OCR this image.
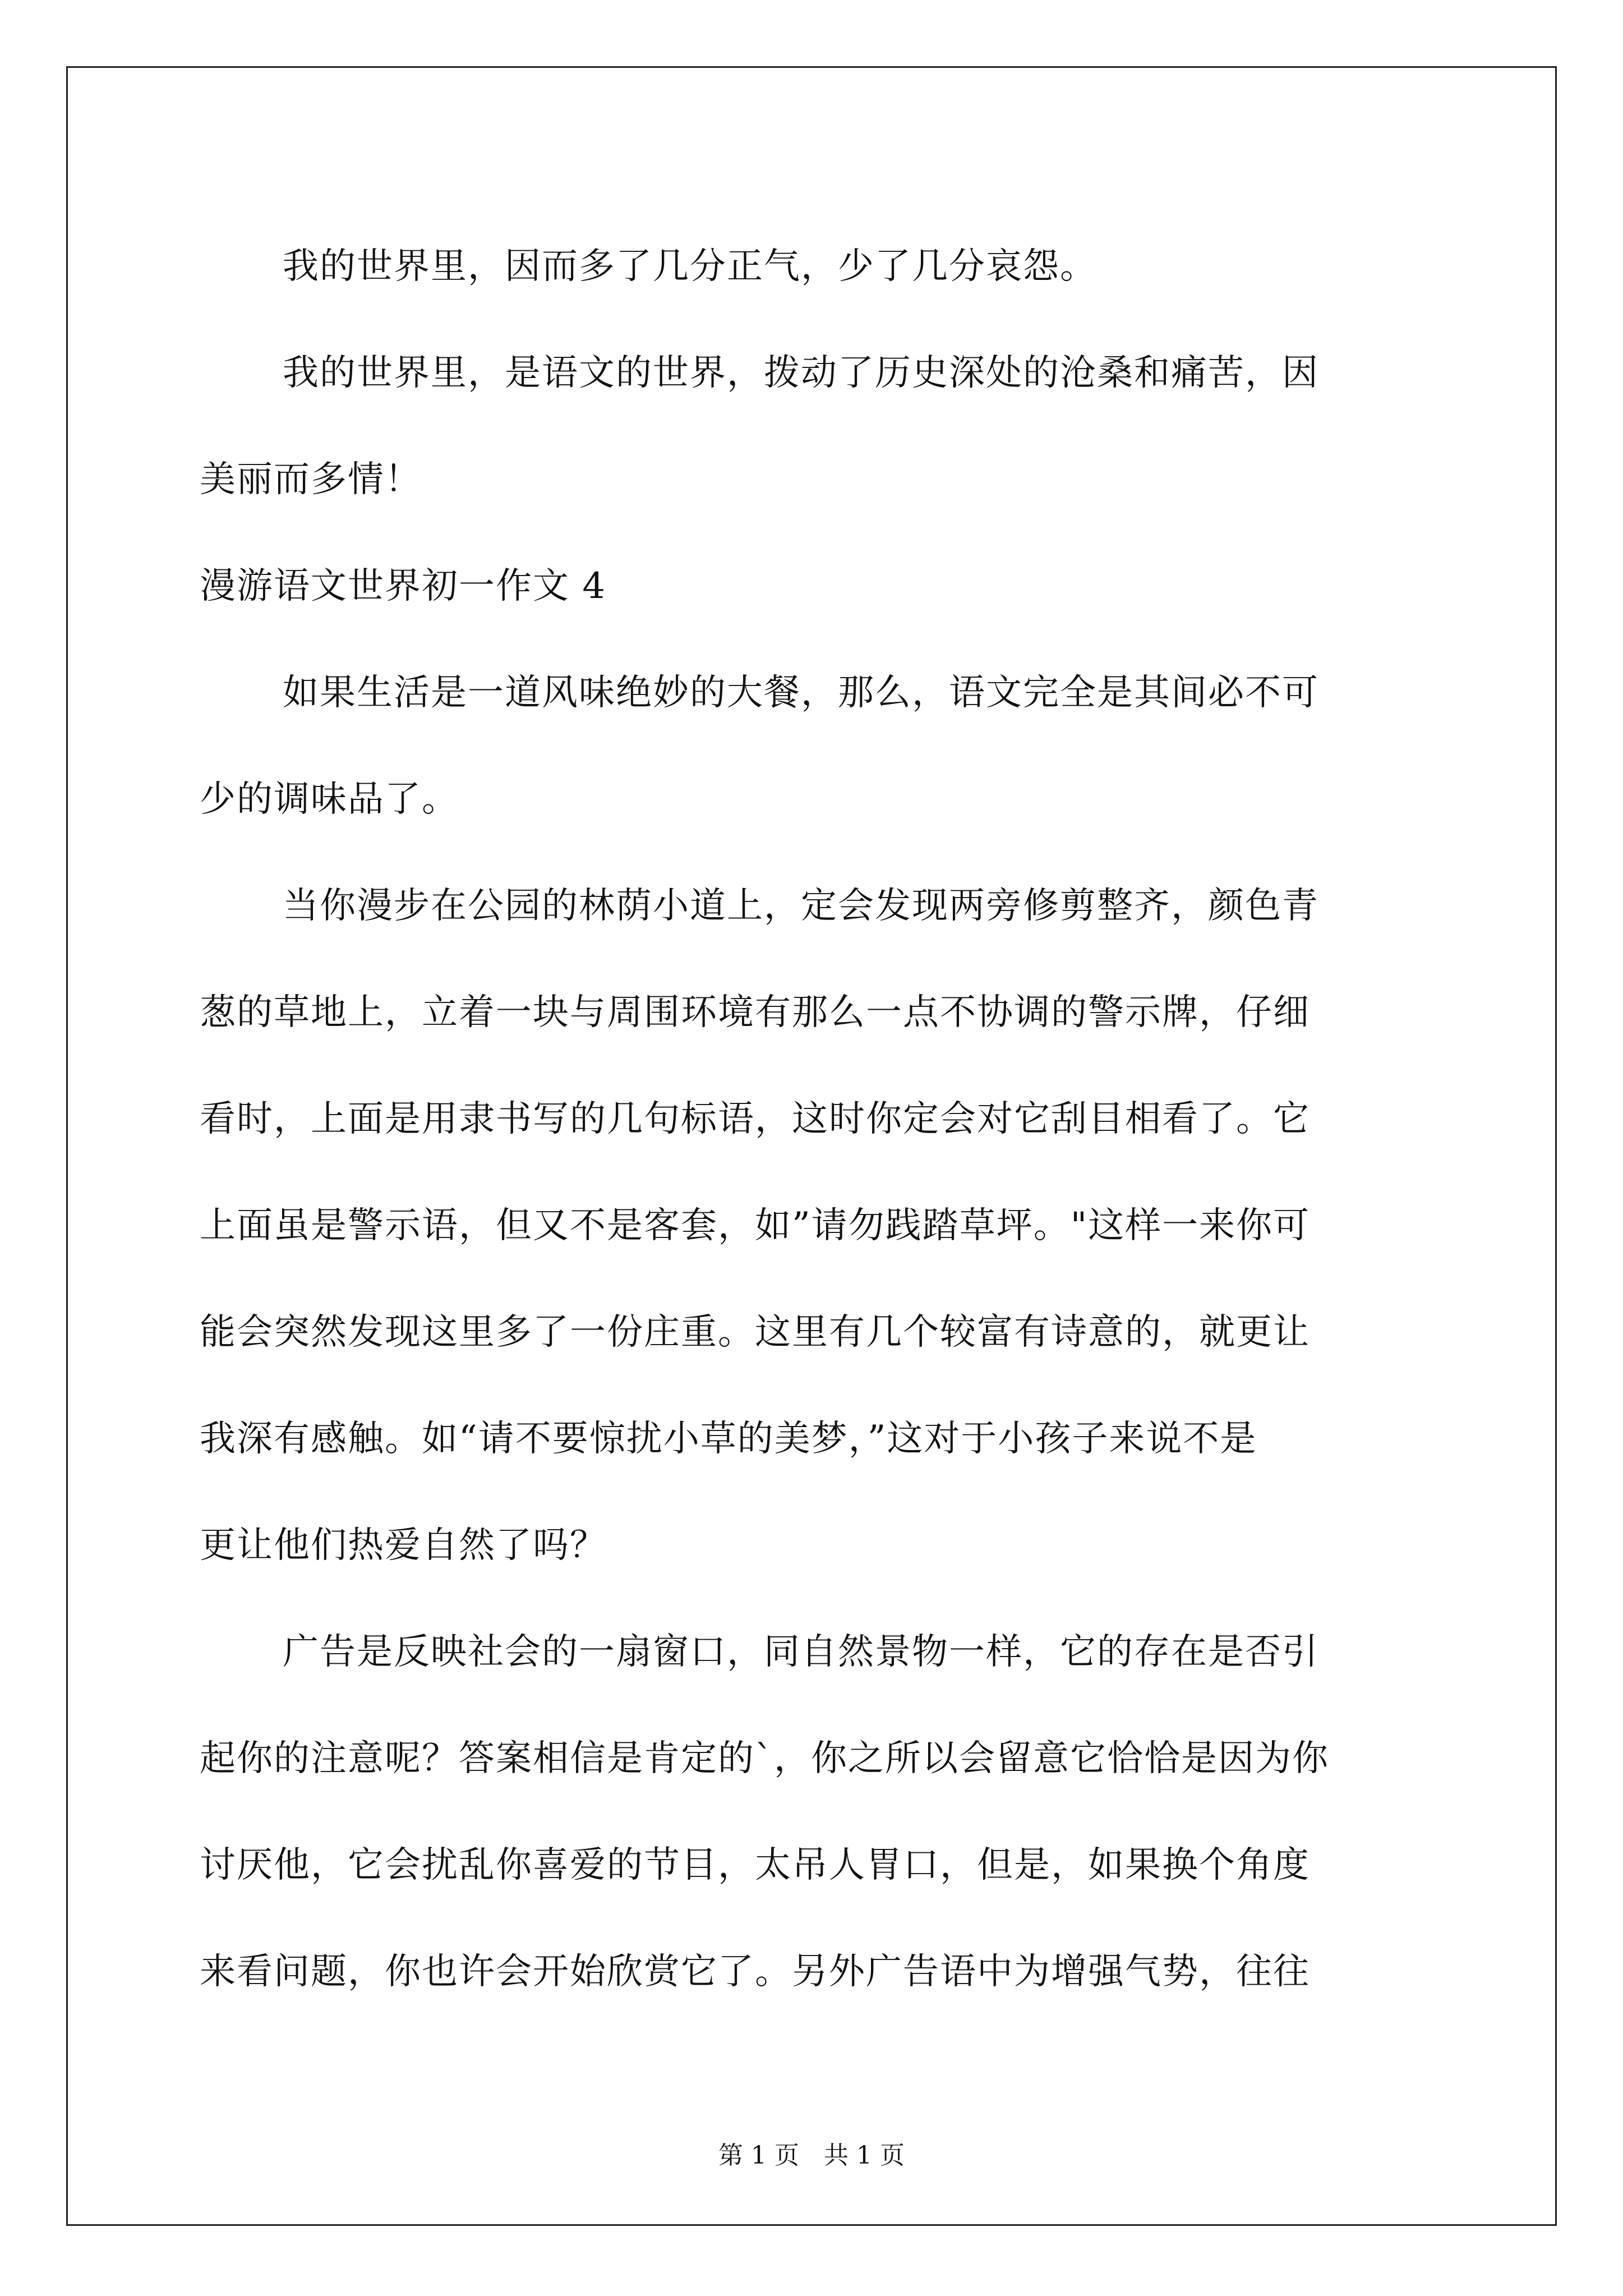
我的世界里，因而多了几分正气，少了几分哀怨。
我的世界里，是语文的世界，拨动了历史深处的沧桑和痛苦，因
美丽而多情！
漫游语文世界初一作文 4
如果生活是一道风味绝妙的大餐，那么，语文完全是其间必不可
少的调味品了。
当你漫步在公园的林荫小道上，定会发现两旁修剪整齐，颜色青
葱的草地上，立着一块与周围环境有那么一点不协调的警示牌，仔细
看时，上面是用隶书写的几句标语，这时你定会对它刮目相看了。它
上面虽是警示语，但又不是客套，如”请勿践踏草坪。"这样一来你可
能会突然发现这里多了一份庄重。这里有几个较富有诗意的，就更让
我深有感触。如“请不要惊扰小草的美梦，”这对于小孩子来说不是
更让他们热爱自然了吗？
广告是反映社会的一扇窗口，同自然景物一样，它的存在是否引
起你的注意呢？答案相信是肯定的`，你之所以会留意它恰恰是因为你
讨厌他，它会扰乱你喜爱的节目，太吊人胃口，但是，如果换个角度
来看问题，你也许会开始欣赏它了。另外广告语中为增强气势，往往
第 1 页　共 1 页
